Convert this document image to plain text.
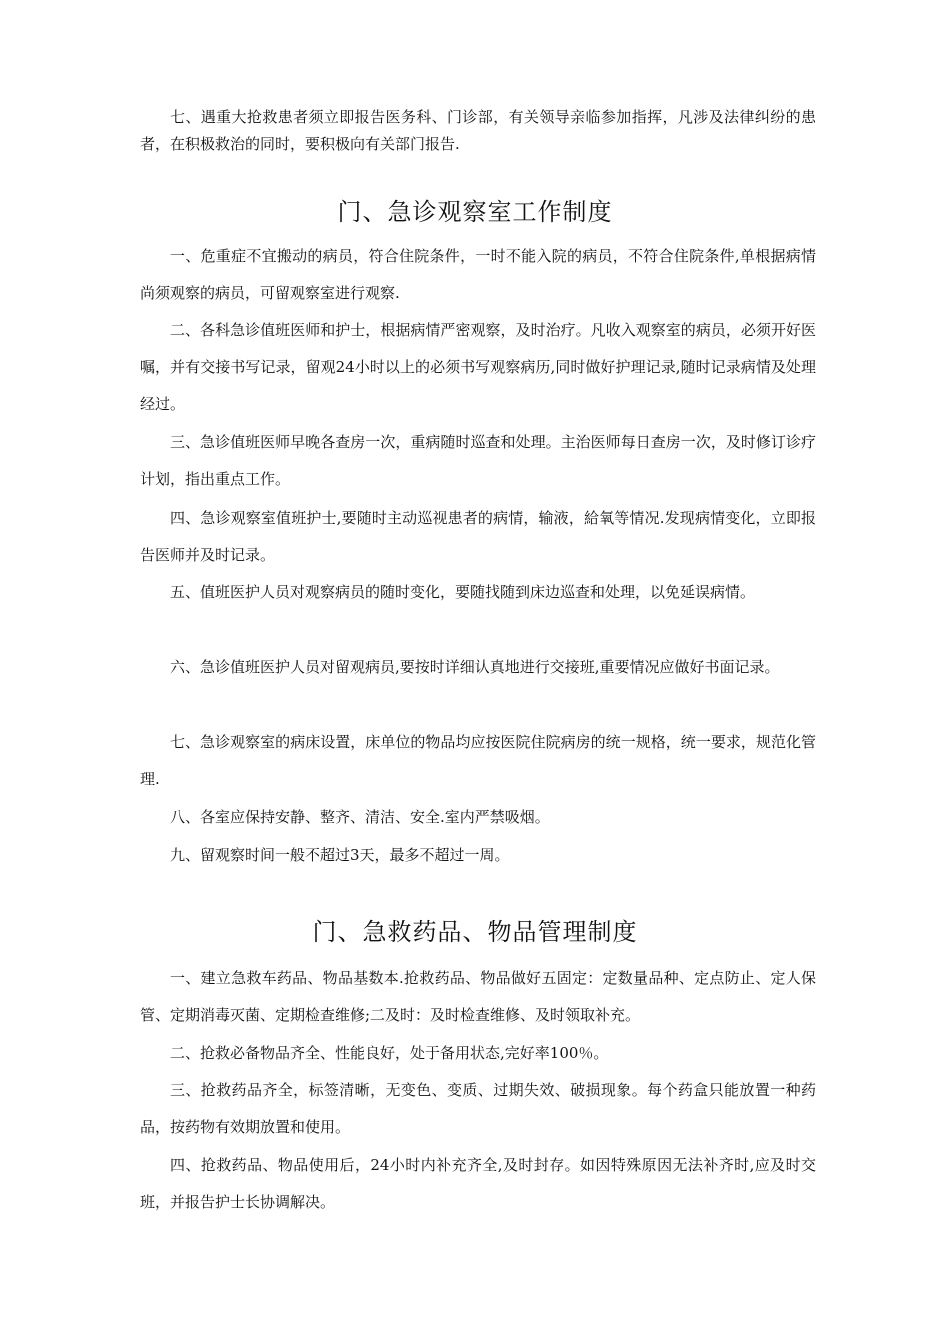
七、遇重大抢救患者须立即报告医务科、门诊部，有关领导亲临参加指挥，凡涉及法律纠纷的患者，在积极救治的同时，要积极向有关部门报告.

门、急诊观察室工作制度

一、危重症不宜搬动的病员，符合住院条件，一时不能入院的病员，不符合住院条件,单根据病情尚须观察的病员，可留观察室进行观察.

二、各科急诊值班医师和护士，根据病情严密观察，及时治疗。凡收入观察室的病员，必须开好医嘱，并有交接书写记录，留观24小时以上的必须书写观察病历,同时做好护理记录,随时记录病情及处理经过。

三、急诊值班医师早晚各查房一次，重病随时巡查和处理。主治医师每日查房一次，及时修订诊疗计划，指出重点工作。

四、急诊观察室值班护士,要随时主动巡视患者的病情，输液，給氧等情况.发现病情变化，立即报告医师并及时记录。

五、值班医护人员对观察病员的随时变化，要随找随到床边巡查和处理，以免延误病情。

六、急诊值班医护人员对留观病员,要按时详细认真地进行交接班,重要情况应做好书面记录。

七、急诊观察室的病床设置，床单位的物品均应按医院住院病房的统一规格，统一要求，规范化管理.

八、各室应保持安静、整齐、清洁、安全.室内严禁吸烟。

九、留观察时间一般不超过3天，最多不超过一周。

门、急救药品、物品管理制度

一、建立急救车药品、物品基数本.抢救药品、物品做好五固定：定数量品种、定点防止、定人保管、定期消毒灭菌、定期检查维修;二及时：及时检查维修、及时领取补充。

二、抢救必备物品齐全、性能良好，处于备用状态,完好率100％。

三、抢救药品齐全，标签清晰，无变色、变质、过期失效、破损现象。每个药盒只能放置一种药品，按药物有效期放置和使用。

四、抢救药品、物品使用后，24小时内补充齐全,及时封存。如因特殊原因无法补齐时,应及时交班，并报告护士长协调解决。
